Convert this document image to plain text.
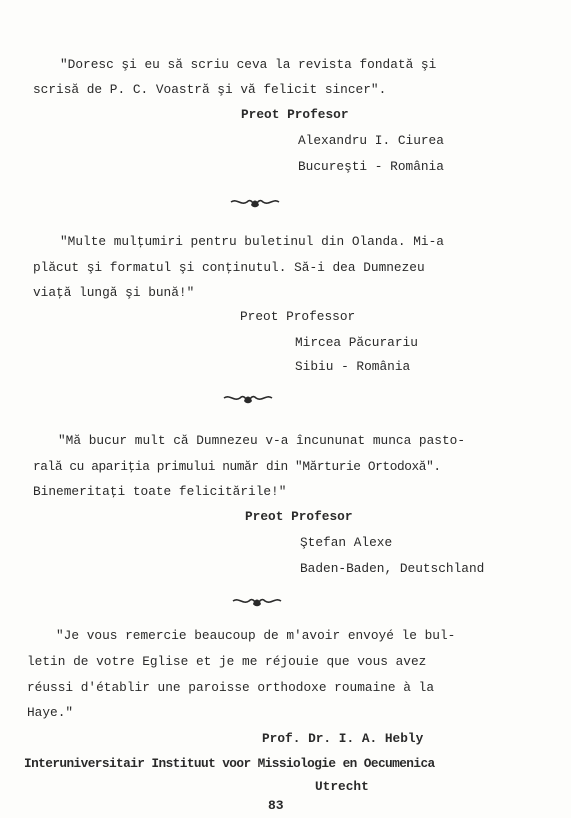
"Doresc şi eu să scriu ceva la revista fondată şi
scrisă de P. C. Voastră şi vă felicit sincer".
Preot Profesor
Alexandru I. Ciurea
Bucureşti - România
"Multe mulţumiri pentru buletinul din Olanda. Mi-a
plăcut şi formatul şi conţinutul. Să-i dea Dumnezeu
viaţă lungă şi bună!"
Preot Professor
Mircea Păcurariu
Sibiu - România
"Mă bucur mult că Dumnezeu v-a încununat munca pasto-
rală cu apariţia primului număr din "Mărturie Ortodoxă".
Binemeritaţi toate felicitările!"
Preot Profesor
Ştefan Alexe
Baden-Baden, Deutschland
"Je vous remercie beaucoup de m'avoir envoyé le bul-
letin de votre Eglise et je me réjouie que vous avez
réussi d'établir une paroisse orthodoxe roumaine à la
Haye."
Prof. Dr. I. A. Hebly
Interuniversitair Instituut voor Missiologie en Oecumenica
Utrecht
83
